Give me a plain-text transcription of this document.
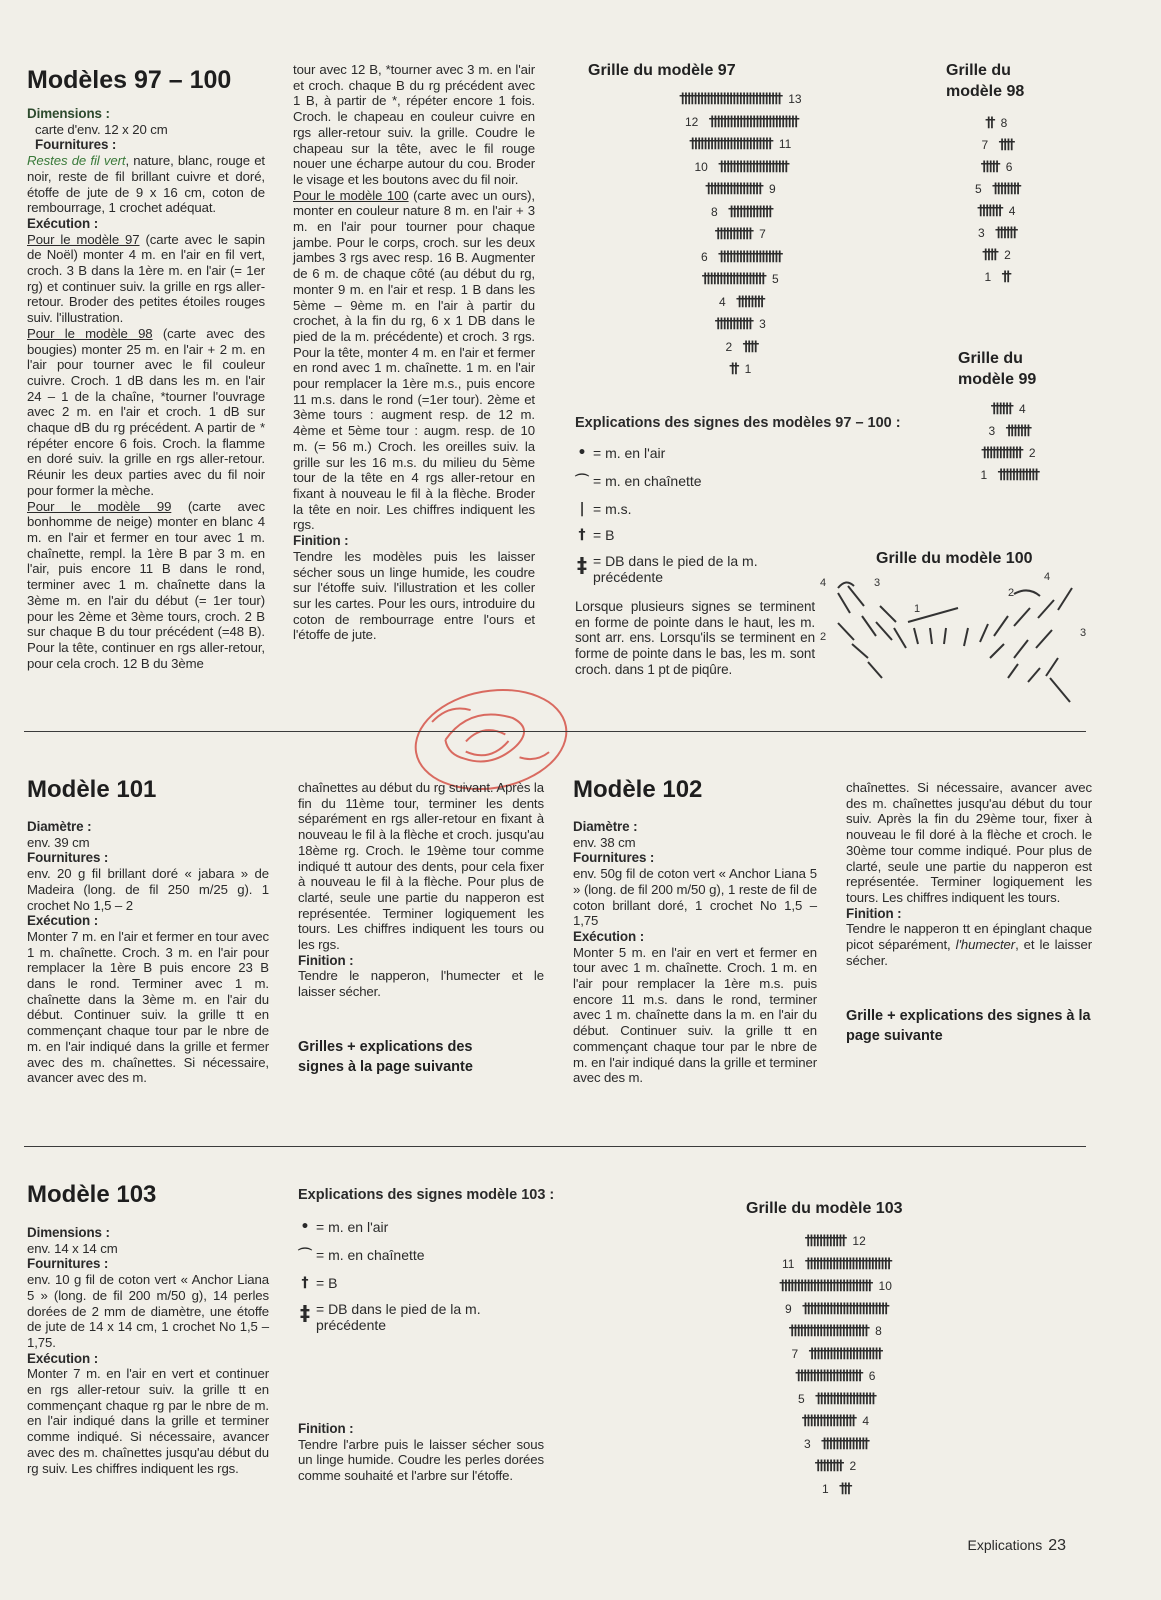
Modèles 97 – 100
Dimensions :
carte d'env. 12 x 20 cm
Fournitures :
Restes de fil vert, nature, blanc, rouge et noir, reste de fil brillant cuivre et doré, étoffe de jute de 9 x 16 cm, coton de rembourrage, 1 crochet adéquat.
Exécution :
Pour le modèle 97 (carte avec le sapin de Noël) monter 4 m. en l'air en fil vert, croch. 3 B dans la 1ère m. en l'air (= 1er rg) et continuer suiv. la grille en rgs aller-retour. Broder des petites étoiles rouges suiv. l'illustration.
Pour le modèle 98 (carte avec des bougies) monter 25 m. en l'air + 2 m. en l'air pour tourner avec le fil couleur cuivre. Croch. 1 dB dans les m. en l'air 24 – 1 de la chaîne, *tourner l'ouvrage avec 2 m. en l'air et croch. 1 dB sur chaque dB du rg précédent. A partir de * répéter encore 6 fois. Croch. la flamme en doré suiv. la grille en rgs aller-retour. Réunir les deux parties avec du fil noir pour former la mèche.
Pour le modèle 99 (carte avec bonhomme de neige) monter en blanc 4 m. en l'air et fermer en tour avec 1 m. chaînette, rempl. la 1ère B par 3 m. en l'air, puis encore 11 B dans le rond, terminer avec 1 m. chaînette dans la 3ème m. en l'air du début (= 1er tour) pour les 2ème et 3ème tours, croch. 2 B sur chaque B du tour précédent (=48 B). Pour la tête, continuer en rgs aller-retour, pour cela croch. 12 B du 3ème
tour avec 12 B, *tourner avec 3 m. en l'air et croch. chaque B du rg précédent avec 1 B, à partir de *, répéter encore 1 fois. Croch. le chapeau en couleur cuivre en rgs aller-retour suiv. la grille. Coudre le chapeau sur la tête, avec le fil rouge nouer une écharpe autour du cou. Broder le visage et les boutons avec du fil noir.
Pour le modèle 100 (carte avec un ours), monter en couleur nature 8 m. en l'air + 3 m. en l'air pour tourner pour chaque jambe. Pour le corps, croch. sur les deux jambes 3 rgs avec resp. 16 B. Augmenter de 6 m. de chaque côté (au début du rg, monter 9 m. en l'air et resp. 1 B dans les 5ème – 9ème m. en l'air à partir du crochet, à la fin du rg, 6 x 1 DB dans le pied de la m. précédente) et croch. 3 rgs. Pour la tête, monter 4 m. en l'air et fermer en rond avec 1 m. chaînette. 1 m. en l'air pour remplacer la 1ère m.s., puis encore 11 m.s. dans le rond (=1er tour). 2ème et 3ème tours : augment resp. de 12 m. 4ème et 5ème tour : augm. resp. de 10 m. (= 56 m.) Croch. les oreilles suiv. la grille sur les 16 m.s. du milieu du 5ème tour de la tête en 4 rgs aller-retour en fixant à nouveau le fil à la flèche. Broder la tête en noir. Les chiffres indiquent les rgs.
Finition :
Tendre les modèles puis les laisser sécher sous un linge humide, les coudre sur l'étoffe suiv. l'illustration et les coller sur les cartes. Pour les ours, introduire du coton de rembourrage entre l'ours et l'étoffe de jute.
Grille du modèle 97
††††††††††††††††††††††††††††††† 13
12 †††††††††††††††††††††††††††
††††††††††††††††††††††††† 11
10 †††††††††††††††††††††
††††††††††††††††† 9
8 †††††††††††††
††††††††††† 7
6 †††††††††††††††††††
††††††††††††††††††† 5
4 ††††††††
††††††††††† 3
2 ††††
†† 1
Grille du modèle 98
†† 8
7 ††††
††††† 6
5 ††††††††
††††††† 4
3 ††††††
†††† 2
1 ††
Grille du modèle 99
†††††† 4
3 †††††††
†††††††††††† 2
1 ††††††††††††
Explications des signes des modèles 97 – 100 :
• = m. en l'air
⌒ = m. en chaînette
| = m.s.
† = B
‡ = DB dans le pied de la m. précédente
Lorsque plusieurs signes se terminent en forme de pointe dans le haut, les m. sont arr. ens. Lorsqu'ils se terminent en forme de pointe dans le bas, les m. sont croch. dans 1 pt de piqûre.
Grille du modèle 100
4	3
2
1
4
2
3
Modèle 101
Diamètre :
env. 39 cm
Fournitures :
env. 20 g fil brillant doré « jabara » de Madeira (long. de fil 250 m/25 g). 1 crochet No 1,5 – 2
Exécution :
Monter 7 m. en l'air et fermer en tour avec 1 m. chaînette. Croch. 3 m. en l'air pour remplacer la 1ère B puis encore 23 B dans le rond. Terminer avec 1 m. chaînette dans la 3ème m. en l'air du début. Continuer suiv. la grille tt en commençant chaque tour par le nbre de m. en l'air indiqué dans la grille et fermer avec des m. chaînettes. Si nécessaire, avancer avec des m.
chaînettes au début du rg suivant. Après la fin du 11ème tour, terminer les dents séparément en rgs aller-retour en fixant à nouveau le fil à la flèche et croch. jusqu'au 18ème rg. Croch. le 19ème tour comme indiqué tt autour des dents, pour cela fixer à nouveau le fil à la flèche. Pour plus de clarté, seule une partie du napperon est représentée. Terminer logiquement les tours. Les chiffres indiquent les tours ou les rgs.
Finition :
Tendre le napperon, l'humecter et le laisser sécher.
Grilles + explications des signes à la page suivante
Modèle 102
Diamètre :
env. 38 cm
Fournitures :
env. 50g fil de coton vert « Anchor Liana 5 » (long. de fil 200 m/50 g), 1 reste de fil de coton brillant doré, 1 crochet No 1,5 – 1,75
Exécution :
Monter 5 m. en l'air en vert et fermer en tour avec 1 m. chaînette. Croch. 1 m. en l'air pour remplacer la 1ère m.s. puis encore 11 m.s. dans le rond, terminer avec 1 m. chaînette dans la m. en l'air du début. Continuer suiv. la grille tt en commençant chaque tour par le nbre de m. en l'air indiqué dans la grille et terminer avec des m.
chaînettes. Si nécessaire, avancer avec des m. chaînettes jusqu'au début du tour suiv. Après la fin du 29ème tour, fixer à nouveau le fil doré à la flèche et croch. le 30ème tour comme indiqué. Pour plus de clarté, seule une partie du napperon est représentée. Terminer logiquement les tours. Les chiffres indiquent les tours.
Finition :
Tendre le napperon tt en épinglant chaque picot séparément, l'humecter, et le laisser sécher.
Grille + explications des signes à la page suivante
Modèle 103
Dimensions :
env. 14 x 14 cm
Fournitures :
env. 10 g fil de coton vert « Anchor Liana 5 » (long. de fil 200 m/50 g), 14 perles dorées de 2 mm de diamètre, une étoffe de jute de 14 x 14 cm, 1 crochet No 1,5 – 1,75.
Exécution :
Monter 7 m. en l'air en vert et continuer en rgs aller-retour suiv. la grille tt en commençant chaque rg par le nbre de m. en l'air indiqué dans la grille et terminer comme indiqué. Si nécessaire, avancer avec des m. chaînettes jusqu'au début du rg suiv. Les chiffres indiquent les rgs.
Explications des signes modèle 103 :
• = m. en l'air
⌒ = m. en chaînette
† = B
‡ = DB dans le pied de la m. précédente
Finition :
Tendre l'arbre puis le laisser sécher sous un linge humide. Coudre les perles dorées comme souhaité et l'arbre sur l'étoffe.
Grille du modèle 103
†††††††††††† 12
11 ††††††††††††††††††††††††††
†††††††††††††††††††††††††††† 10
9 ††††††††††††††††††††††††††
†††††††††††††††††††††††† 8
7 ††††††††††††††††††††††
†††††††††††††††††††† 6
5 ††††††††††††††††††
†††††††††††††††† 4
3 ††††††††††††††
†††††††† 2
1 †††
Explications 23
